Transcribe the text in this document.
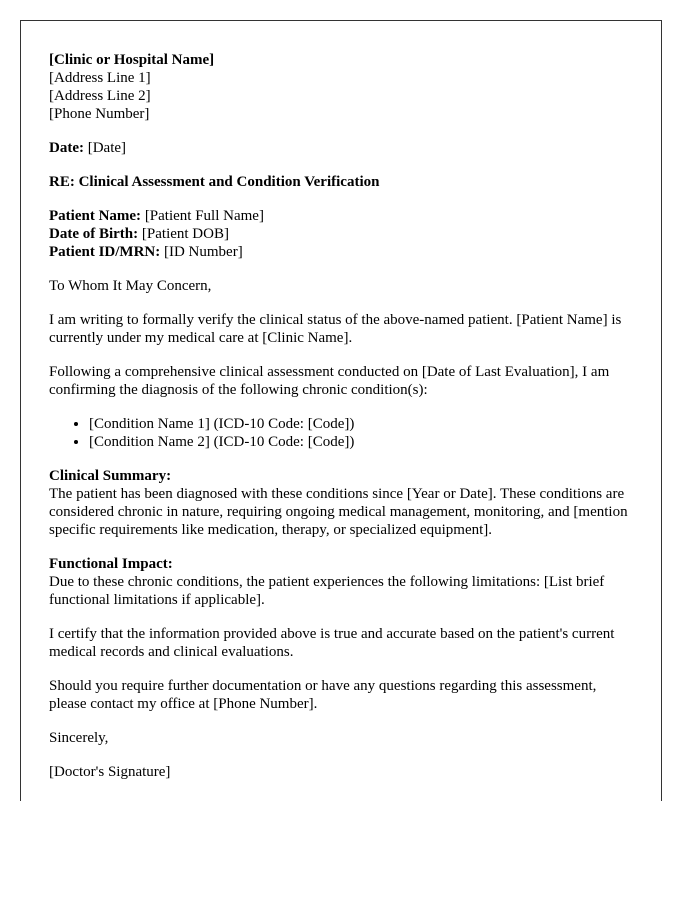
[Clinic or Hospital Name]
[Address Line 1]
[Address Line 2]
[Phone Number]

Date: [Date]

RE: Clinical Assessment and Condition Verification

Patient Name: [Patient Full Name]
Date of Birth: [Patient DOB]
Patient ID/MRN: [ID Number]

To Whom It May Concern,

I am writing to formally verify the clinical status of the above-named patient. [Patient Name] is currently under my medical care at [Clinic Name].

Following a comprehensive clinical assessment conducted on [Date of Last Evaluation], I am confirming the diagnosis of the following chronic condition(s):

• [Condition Name 1] (ICD-10 Code: [Code])
• [Condition Name 2] (ICD-10 Code: [Code])

Clinical Summary:
The patient has been diagnosed with these conditions since [Year or Date]. These conditions are considered chronic in nature, requiring ongoing medical management, monitoring, and [mention specific requirements like medication, therapy, or specialized equipment].

Functional Impact:
Due to these chronic conditions, the patient experiences the following limitations: [List brief functional limitations if applicable].

I certify that the information provided above is true and accurate based on the patient's current medical records and clinical evaluations.

Should you require further documentation or have any questions regarding this assessment, please contact my office at [Phone Number].

Sincerely,

[Doctor's Signature]
